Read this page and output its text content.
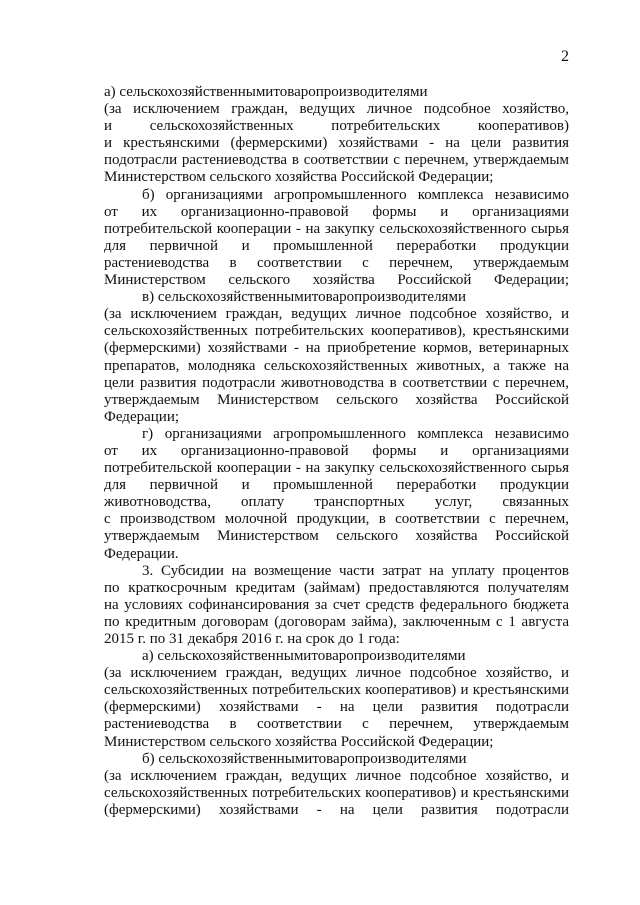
2

а) сельскохозяйственнымитоваропроизводителями
(за исключением граждан, ведущих личное подсобное хозяйство,
и сельскохозяйственных потребительских кооперативов)
и крестьянскими (фермерскими) хозяйствами - на цели развития
подотрасли растениеводства в соответствии с перечнем, утверждаемым
Министерством сельского хозяйства Российской Федерации;

б) организациями агропромышленного комплекса независимо
от их организационно-правовой формы и организациями
потребительской кооперации - на закупку сельскохозяйственного сырья
для первичной и промышленной переработки продукции
растениеводства в соответствии с перечнем, утверждаемым
Министерством сельского хозяйства Российской Федерации;

в) сельскохозяйственнымитоваропроизводителями
(за исключением граждан, ведущих личное подсобное хозяйство, и
сельскохозяйственных потребительских кооперативов), крестьянскими
(фермерскими) хозяйствами - на приобретение кормов, ветеринарных
препаратов, молодняка сельскохозяйственных животных, а также на
цели развития подотрасли животноводства в соответствии с перечнем,
утверждаемым Министерством сельского хозяйства Российской
Федерации;

г) организациями агропромышленного комплекса независимо
от их организационно-правовой формы и организациями
потребительской кооперации - на закупку сельскохозяйственного сырья
для первичной и промышленной переработки продукции
животноводства, оплату транспортных услуг, связанных
с производством молочной продукции, в соответствии с перечнем,
утверждаемым Министерством сельского хозяйства Российской
Федерации.

3. Субсидии на возмещение части затрат на уплату процентов
по краткосрочным кредитам (займам) предоставляются получателям
на условиях софинансирования за счет средств федерального бюджета
по кредитным договорам (договорам займа), заключенным с 1 августа
2015 г. по 31 декабря 2016 г. на срок до 1 года:

а) сельскохозяйственнымитоваропроизводителями
(за исключением граждан, ведущих личное подсобное хозяйство, и
сельскохозяйственных потребительских кооперативов) и крестьянскими
(фермерскими) хозяйствами - на цели развития подотрасли
растениеводства в соответствии с перечнем, утверждаемым
Министерством сельского хозяйства Российской Федерации;

б) сельскохозяйственнымитоваропроизводителями
(за исключением граждан, ведущих личное подсобное хозяйство, и
сельскохозяйственных потребительских кооперативов) и крестьянскими
(фермерскими) хозяйствами - на цели развития подотрасли
